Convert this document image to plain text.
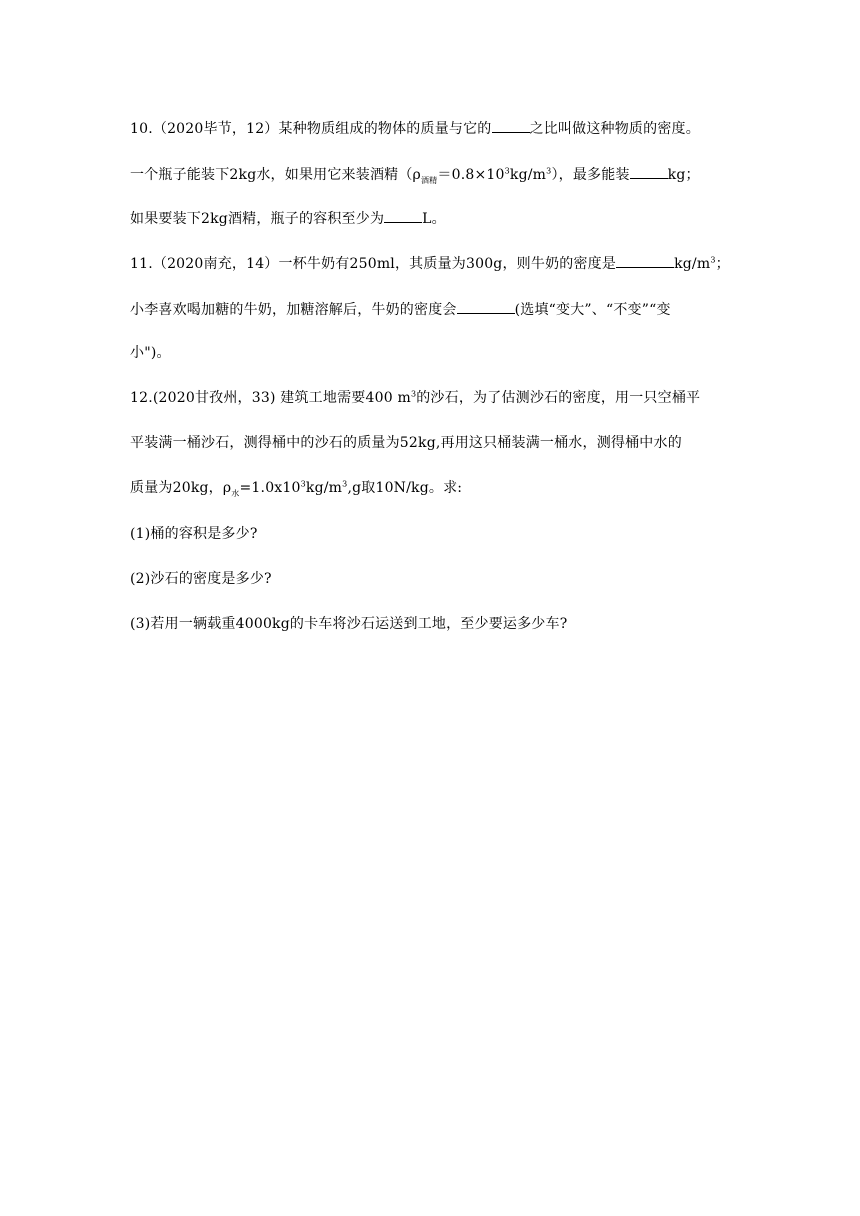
10.（2020毕节，12）某种物质组成的物体的质量与它的	之比叫做这种物质的密度。
一个瓶子能装下2kg水，如果用它来装酒精$(\rho_{酒精}=0.8\times 10^3kg/m^3)$，最多能装	kg；
如果要装下2kg酒精，瓶子的容积至少为	L。
11.（2020南充，14）一杯牛奶有250ml，其质量为300g，则牛奶的密度是	$kg/m^3$；
小李喜欢喝加糖的牛奶，加糖溶解后，牛奶的密度会	(选填“变大”、“不变”“变
小")。
12.(2020甘孜州，33) 建筑工地需要400 $m^3$的沙石，为了估测沙石的密度，用一只空桶平
平装满一桶沙石，测得桶中的沙石的质量为52kg,再用这只桶装满一桶水，测得桶中水的
质量为20kg，$\rho_水=1.0x10^3kg/m^3,g$取10N/kg。求:
(1)桶的容积是多少?
(2)沙石的密度是多少?
(3)若用一辆载重4000kg的卡车将沙石运送到工地，至少要运多少车?
